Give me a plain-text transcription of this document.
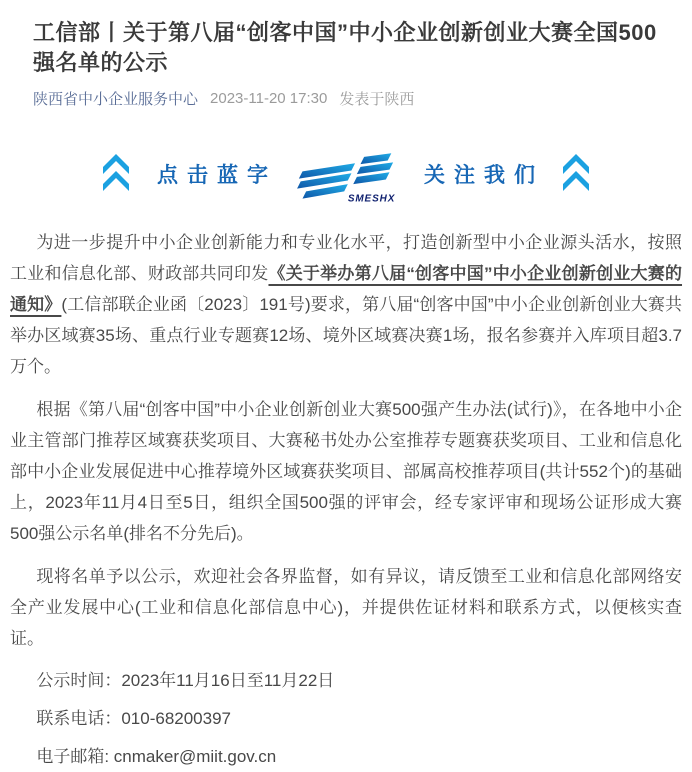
工信部丨关于第八届“创客中国”中小企业创新创业大赛全国500强名单的公示
陕西省中小企业服务中心 2023-11-20 17:30 发表于陕西
点击蓝字
SMESHX
关注我们

为进一步提升中小企业创新能力和专业化水平，打造创新型中小企业源头活水，按照工业和信息化部、财政部共同印发《关于举办第八届“创客中国”中小企业创新创业大赛的通知》(工信部联企业函〔2023〕191号)要求，第八届“创客中国”中小企业创新创业大赛共举办区域赛35场、重点行业专题赛12场、境外区域赛决赛1场，报名参赛并入库项目超3.7万个。

根据《第八届“创客中国”中小企业创新创业大赛500强产生办法(试行)》，在各地中小企业主管部门推荐区域赛获奖项目、大赛秘书处办公室推荐专题赛获奖项目、工业和信息化部中小企业发展促进中心推荐境外区域赛获奖项目、部属高校推荐项目(共计552个)的基础上，2023年11月4日至5日，组织全国500强的评审会，经专家评审和现场公证形成大赛500强公示名单(排名不分先后)。

现将名单予以公示，欢迎社会各界监督，如有异议，请反馈至工业和信息化部网络安全产业发展中心(工业和信息化部信息中心)，并提供佐证材料和联系方式，以便核实查证。

公示时间：2023年11月16日至11月22日

联系电话：010-68200397

电子邮箱: cnmaker@miit.gov.cn
